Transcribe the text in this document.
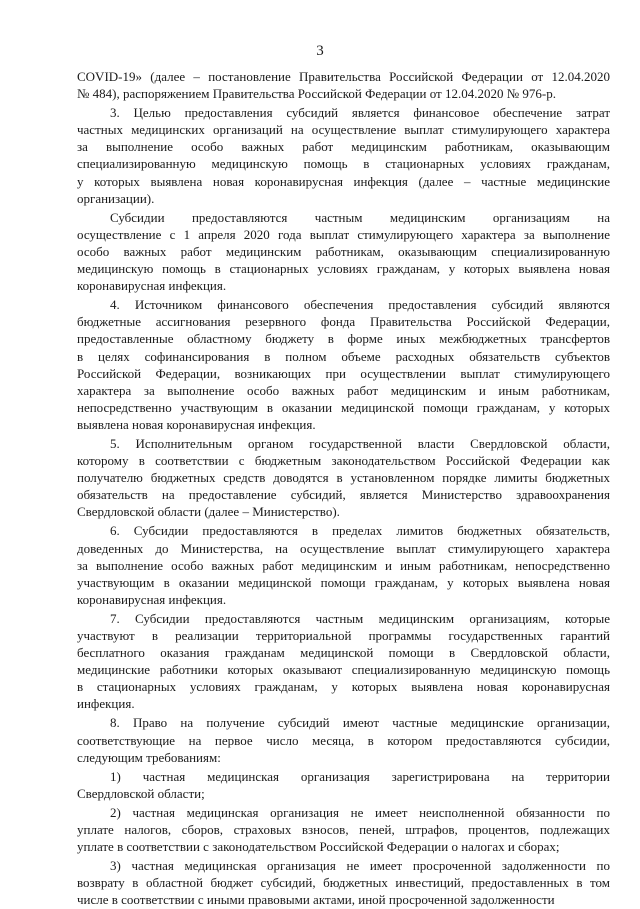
3
COVID-19» (далее – постановление Правительства Российской Федерации от 12.04.2020
№ 484), распоряжением Правительства Российской Федерации от 12.04.2020 № 976-р.
3. Целью предоставления субсидий является финансовое обеспечение затрат
частных медицинских организаций на осуществление выплат стимулирующего характера
за выполнение особо важных работ медицинским работникам, оказывающим
специализированную медицинскую помощь в стационарных условиях гражданам,
у которых выявлена новая коронавирусная инфекция (далее – частные медицинские
организации).
Субсидии предоставляются частным медицинским организациям на
осуществление с 1 апреля 2020 года выплат стимулирующего характера за выполнение
особо важных работ медицинским работникам, оказывающим специализированную
медицинскую помощь в стационарных условиях гражданам, у которых выявлена новая
коронавирусная инфекция.
4. Источником финансового обеспечения предоставления субсидий являются
бюджетные ассигнования резервного фонда Правительства Российской Федерации,
предоставленные областному бюджету в форме иных межбюджетных трансфертов
в целях софинансирования в полном объеме расходных обязательств субъектов
Российской Федерации, возникающих при осуществлении выплат стимулирующего
характера за выполнение особо важных работ медицинским и иным работникам,
непосредственно участвующим в оказании медицинской помощи гражданам, у которых
выявлена новая коронавирусная инфекция.
5. Исполнительным органом государственной власти Свердловской области,
которому в соответствии с бюджетным законодательством Российской Федерации как
получателю бюджетных средств доводятся в установленном порядке лимиты бюджетных
обязательств на предоставление субсидий, является Министерство здравоохранения
Свердловской области (далее – Министерство).
6. Субсидии предоставляются в пределах лимитов бюджетных обязательств,
доведенных до Министерства, на осуществление выплат стимулирующего характера
за выполнение особо важных работ медицинским и иным работникам, непосредственно
участвующим в оказании медицинской помощи гражданам, у которых выявлена новая
коронавирусная инфекция.
7. Субсидии предоставляются частным медицинским организациям, которые
участвуют в реализации территориальной программы государственных гарантий
бесплатного оказания гражданам медицинской помощи в Свердловской области,
медицинские работники которых оказывают специализированную медицинскую помощь
в стационарных условиях гражданам, у которых выявлена новая коронавирусная
инфекция.
8. Право на получение субсидий имеют частные медицинские организации,
соответствующие на первое число месяца, в котором предоставляются субсидии,
следующим требованиям:
1) частная медицинская организация зарегистрирована на территории
Свердловской области;
2) частная медицинская организация не имеет неисполненной обязанности по
уплате налогов, сборов, страховых взносов, пеней, штрафов, процентов, подлежащих
уплате в соответствии с законодательством Российской Федерации о налогах и сборах;
3) частная медицинская организация не имеет просроченной задолженности по
возврату в областной бюджет субсидий, бюджетных инвестиций, предоставленных в том
числе в соответствии с иными правовыми актами, иной просроченной задолженности
